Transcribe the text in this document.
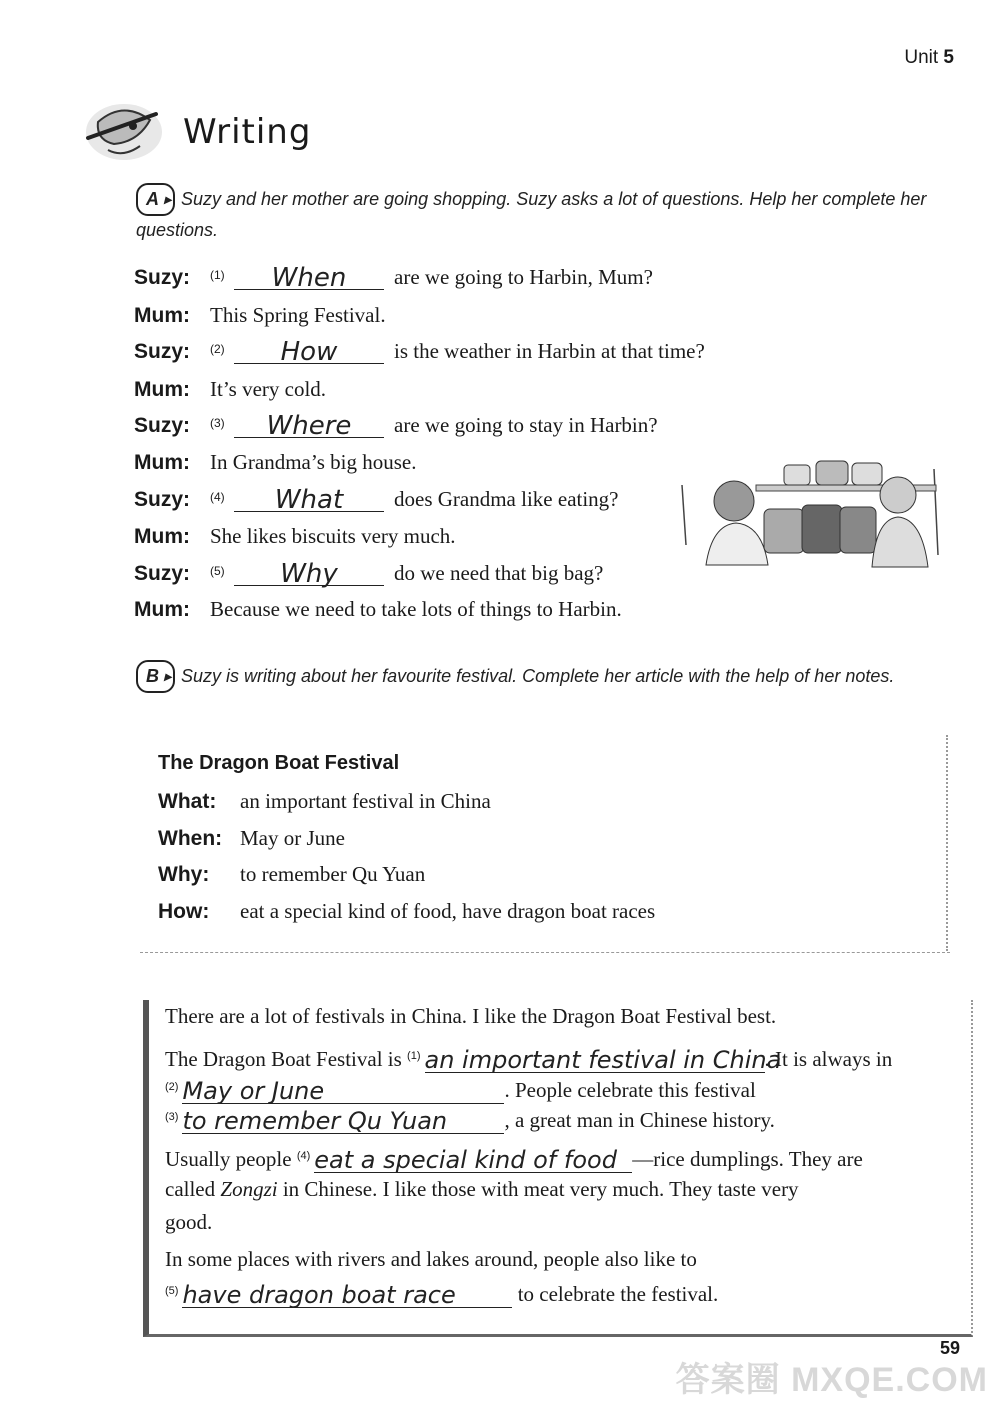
Unit 5
Writing
A ▸ Suzy and her mother are going shopping. Suzy asks a lot of questions. Help her complete her questions.
Suzy:	(1)	When	are we going to Harbin, Mum?
Mum: This Spring Festival.
Suzy:	(2)	How	is the weather in Harbin at that time?
Mum: It’s very cold.
Suzy:	(3)	Where	are we going to stay in Harbin?
Mum: In Grandma’s big house.
Suzy:	(4)	What	does Grandma like eating?
Mum: She likes biscuits very much.
Suzy:	(5)	Why	do we need that big bag?
Mum: Because we need to take lots of things to Harbin.
B ▸ Suzy is writing about her favourite festival. Complete her article with the help of her notes.
The Dragon Boat Festival
What: an important festival in China
When: May or June
Why: to remember Qu Yuan
How: eat a special kind of food, have dragon boat races
There are a lot of festivals in China. I like the Dragon Boat Festival best.
The Dragon Boat Festival is $^{(1)}$ an important festival in China. It is always in
$^{(2)}$ May or June	. People celebrate this festival
$^{(3)}$ to remember Qu Yuan	, a great man in Chinese history.
Usually people $^{(4)}$ eat a special kind of food —rice dumplings. They are
called Zongzi in Chinese. I like those with meat very much. They taste very
good.
In some places with rivers and lakes around, people also like to
$^{(5)}$ have dragon boat race	to celebrate the festival.
59
答案圈 MXQE.COM
